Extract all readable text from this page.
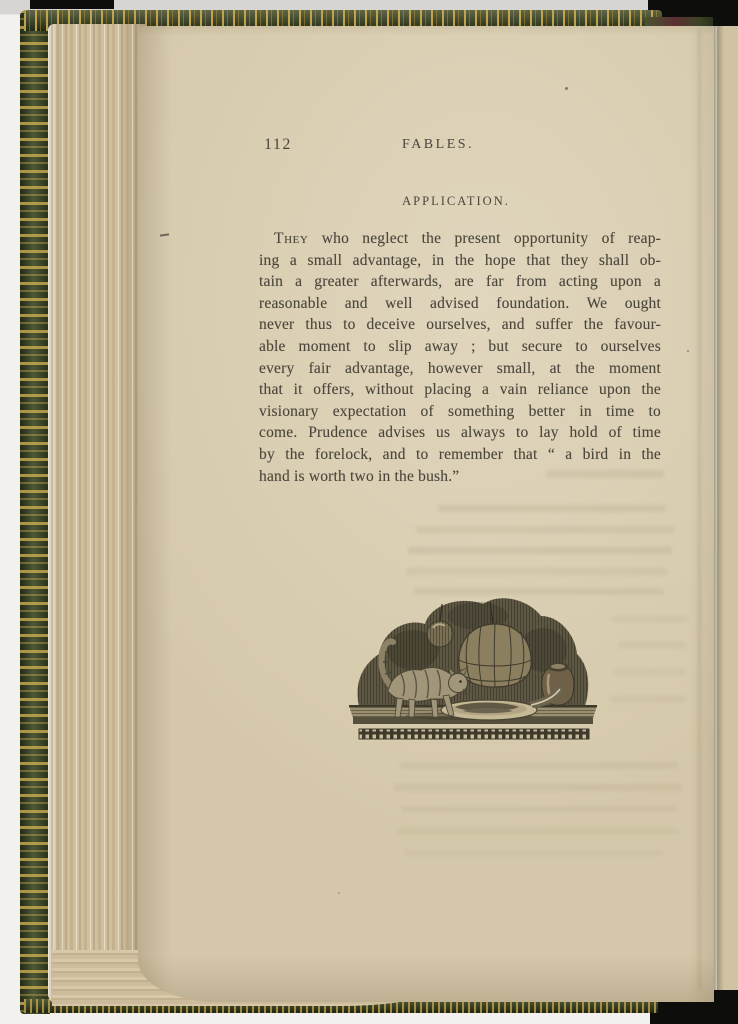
112	FABLES.
APPLICATION.
They who neglect the present opportunity of reap-
ing a small advantage, in the hope that they shall ob-
tain a greater afterwards, are far from acting upon a
reasonable and well advised foundation. We ought
never thus to deceive ourselves, and suffer the favour-
able moment to slip away ; but secure to ourselves
every fair advantage, however small, at the moment
that it offers, without placing a vain reliance upon the
visionary expectation of something better in time to
come. Prudence advises us always to lay hold of time
by the forelock, and to remember that “ a bird in the
hand is worth two in the bush.”
